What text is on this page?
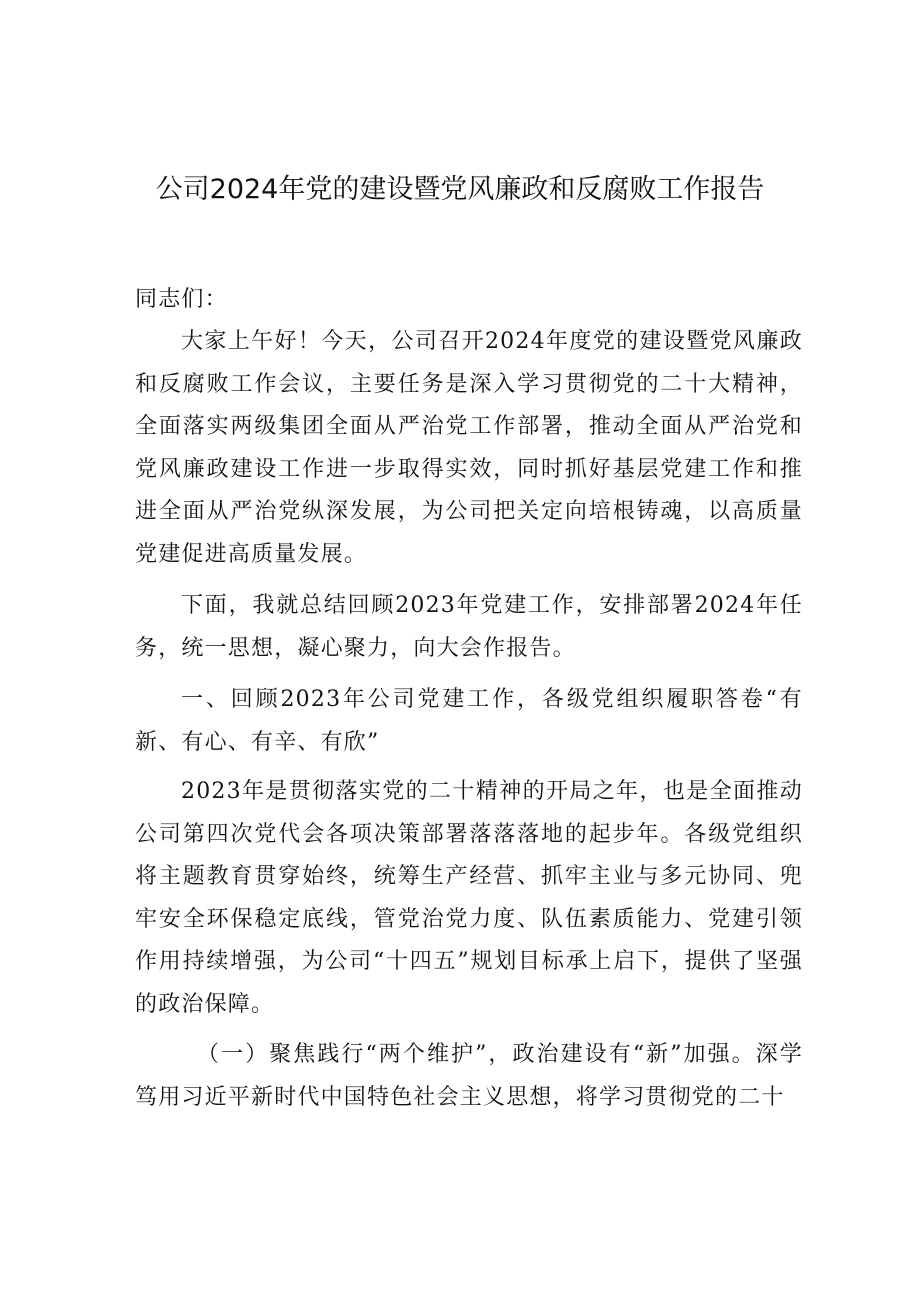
公司2024年党的建设暨党风廉政和反腐败工作报告

同志们：

大家上午好！今天，公司召开2024年度党的建设暨党风廉政和反腐败工作会议，主要任务是深入学习贯彻党的二十大精神，全面落实两级集团全面从严治党工作部署，推动全面从严治党和党风廉政建设工作进一步取得实效，同时抓好基层党建工作和推进全面从严治党纵深发展，为公司把关定向培根铸魂，以高质量党建促进高质量发展。

下面，我就总结回顾2023年党建工作，安排部署2024年任务，统一思想，凝心聚力，向大会作报告。

一、回顾2023年公司党建工作，各级党组织履职答卷“有新、有心、有辛、有欣”

2023年是贯彻落实党的二十精神的开局之年，也是全面推动公司第四次党代会各项决策部署落落落地的起步年。各级党组织将主题教育贯穿始终，统筹生产经营、抓牢主业与多元协同、兜牢安全环保稳定底线，管党治党力度、队伍素质能力、党建引领作用持续增强，为公司“十四五”规划目标承上启下，提供了坚强的政治保障。

（一）聚焦践行“两个维护”，政治建设有“新”加强。深学笃用习近平新时代中国特色社会主义思想，将学习贯彻党的二十
